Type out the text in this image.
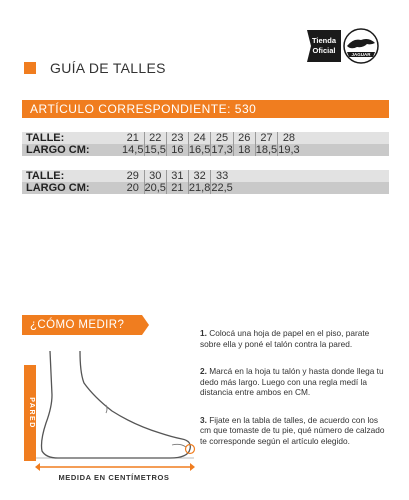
GUÍA DE TALLES
Tienda
Oficial	JAGUAR
ARTÍCULO CORRESPONDIENTE: 530
TALLE:	21	22	23	24	25	26	27	28	
LARGO CM:	14,5	15,5	16	16,5	17,3	18	18,5	19,3	
TALLE:	29	30	31	32	33	
LARGO CM:	20	20,5	21	21,8	22,5	
¿CÓMO MEDIR?
PARED
MEDIDA EN CENTÍMETROS

1. Colocá una hoja de papel en el piso, parate sobre ella y poné el talón contra la pared.

2. Marcá en la hoja tu talón y hasta donde llega tu dedo más largo. Luego con una regla medí la distancia entre ambos en CM.

3. Fijate en la tabla de talles, de acuerdo con los cm que tomaste de tu pie, qué número de calzado te corresponde según el artículo elegido.
